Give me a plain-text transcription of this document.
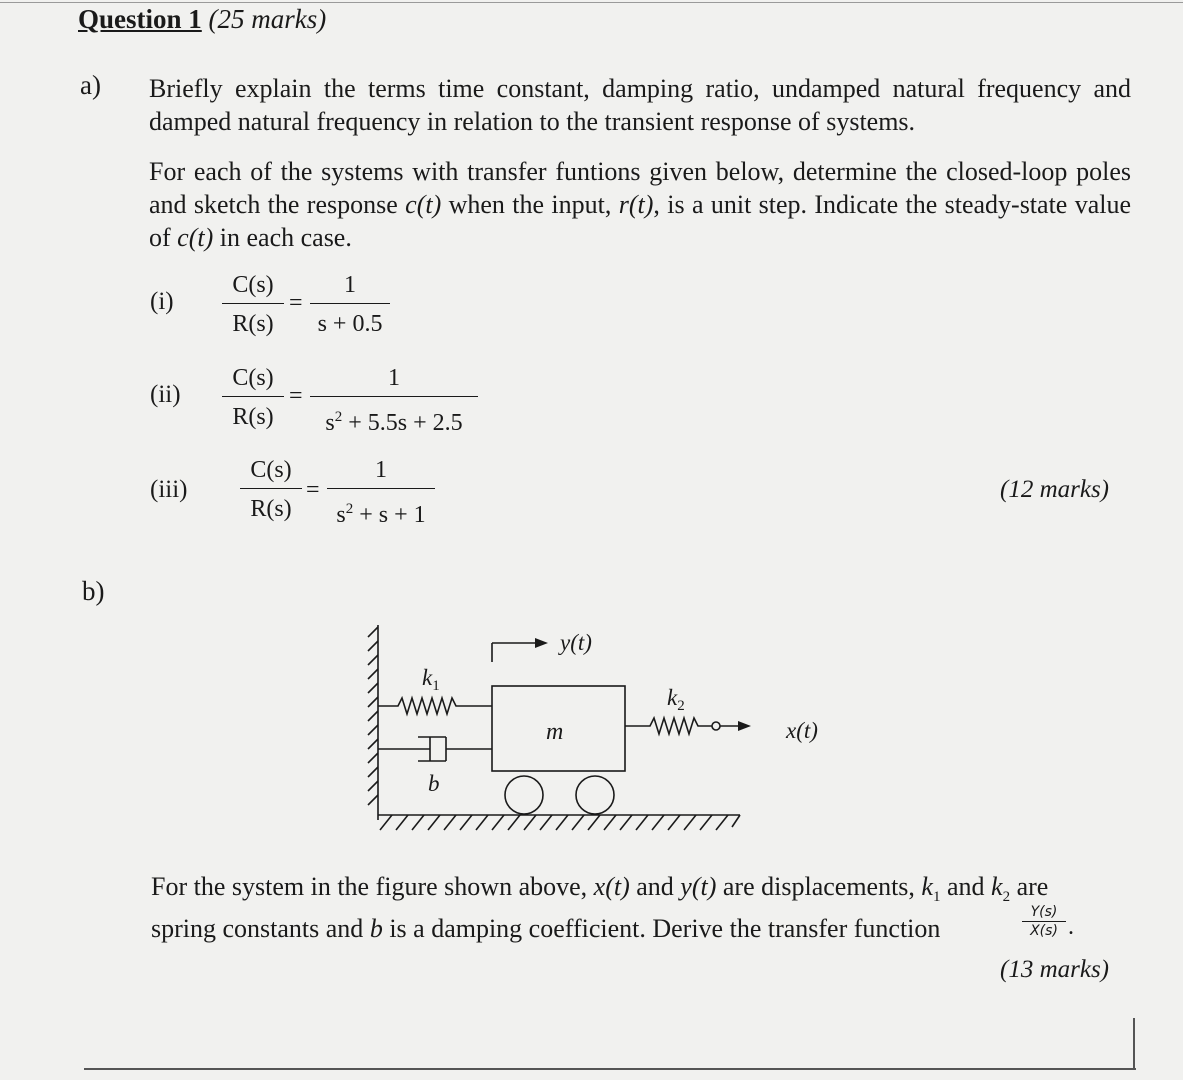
Question 1 (25 marks)
a) Briefly explain the terms time constant, damping ratio, undamped natural frequency and damped natural frequency in relation to the transient response of systems.
For each of the systems with transfer funtions given below, determine the closed-loop poles and sketch the response c(t) when the input, r(t), is a unit step. Indicate the steady-state value of c(t) in each case.
$(i) \frac{C(s)}{R(s)} = \frac{1}{s + 0.5}$
$(ii) \frac{C(s)}{R(s)} = \frac{1}{s^2 + 5.5s + 2.5}$
$(iii) \frac{C(s)}{R(s)} = \frac{1}{s^2 + s + 1}$	(12 marks)
b)
y(t)
$k_1$	$k_2$
m
b
x(t)
For the system in the figure shown above, x(t) and y(t) are displacements, $k_1$ and $k_2$ are
spring constants and b is a damping coefficient. Derive the transfer function
Y(s)
X(s) .
(13 marks)
